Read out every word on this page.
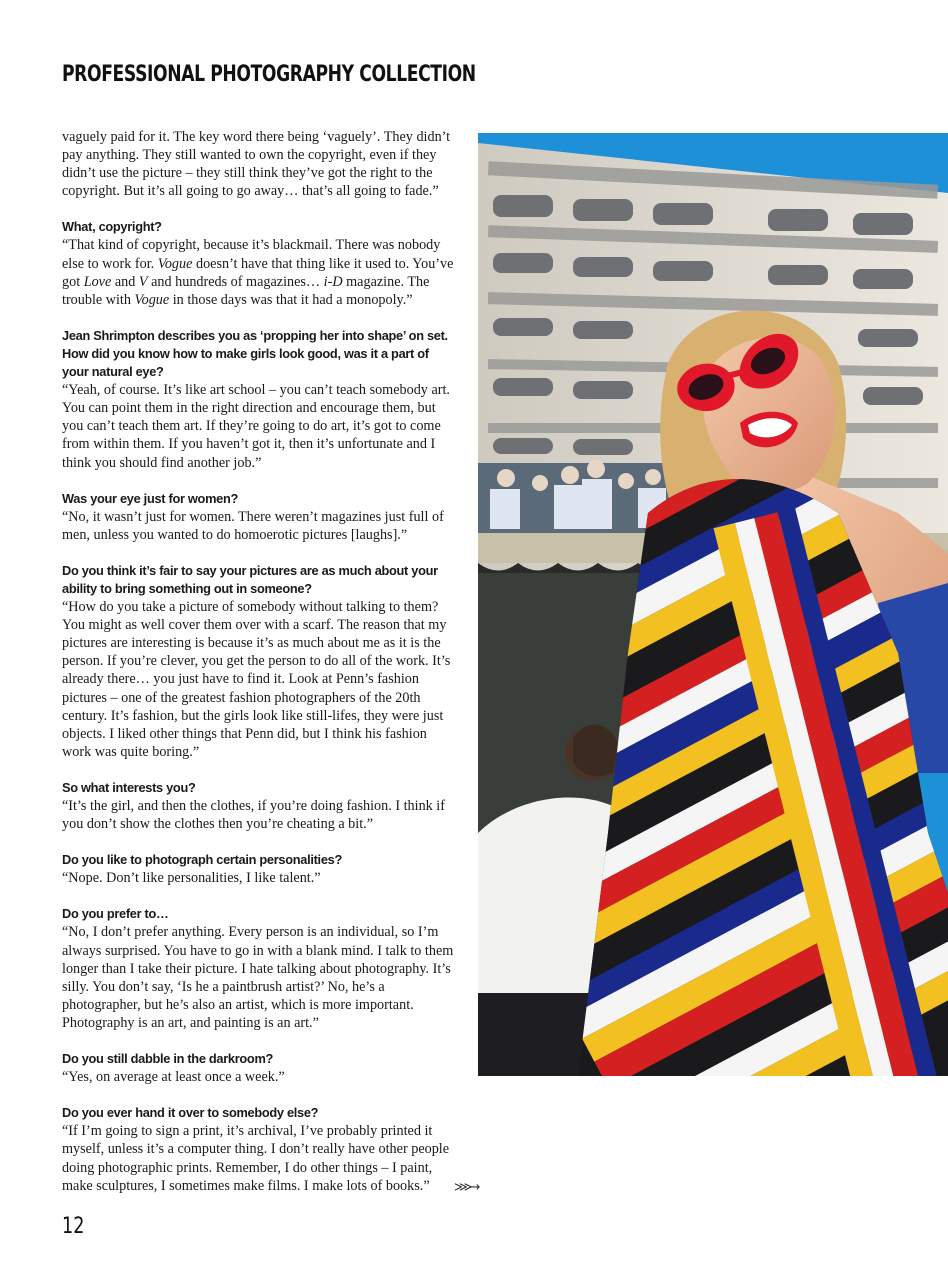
PROFESSIONAL PHOTOGRAPHY COLLECTION

vaguely paid for it. The key word there being ‘vaguely’. They didn’t pay anything. They still wanted to own the copyright, even if they didn’t use the picture – they still think they’ve got the right to the copyright. But it’s all going to go away… that’s all going to fade.”

What, copyright?

“That kind of copyright, because it’s blackmail. There was nobody else to work for. Vogue doesn’t have that thing like it used to. You’ve got Love and V and hundreds of magazines… i-D magazine. The trouble with Vogue in those days was that it had a monopoly.”

Jean Shrimpton describes you as ‘propping her into shape’ on set. How did you know how to make girls look good, was it a part of your natural eye?

“Yeah, of course. It’s like art school – you can’t teach somebody art. You can point them in the right direction and encourage them, but you can’t teach them art. If they’re going to do art, it’s got to come from within them. If you haven’t got it, then it’s unfortunate and I think you should find another job.”

Was your eye just for women?

“No, it wasn’t just for women. There weren’t magazines just full of men, unless you wanted to do homoerotic pictures [laughs].”

Do you think it’s fair to say your pictures are as much about your ability to bring something out in someone?

“How do you take a picture of somebody without talking to them? You might as well cover them over with a scarf. The reason that my pictures are interesting is because it’s as much about me as it is the person. If you’re clever, you get the person to do all of the work. It’s already there… you just have to find it. Look at Penn’s fashion pictures – one of the greatest fashion photographers of the 20th century. It’s fashion, but the girls look like still-lifes, they were just objects. I liked other things that Penn did, but I think his fashion work was quite boring.”

So what interests you?

“It’s the girl, and then the clothes, if you’re doing fashion. I think if you don’t show the clothes then you’re cheating a bit.”

Do you like to photograph certain personalities?

“Nope. Don’t like personalities, I like talent.”

Do you prefer to…

“No, I don’t prefer anything. Every person is an individual, so I’m always surprised. You have to go in with a blank mind. I talk to them longer than I take their picture. I hate talking about photography. It’s silly. You don’t say, ‘Is he a paintbrush artist?’ No, he’s a photographer, but he’s also an artist, which is more important. Photography is an art, and painting is an art.”

Do you still dabble in the darkroom?

“Yes, on average at least once a week.”

Do you ever hand it over to somebody else?

“If I’m going to sign a print, it’s archival, I’ve probably printed it myself, unless it’s a computer thing. I don’t really have other people doing photographic prints. Remember, I do other things – I paint, make sculptures, I sometimes make films. I make lots of books.”	⋙→
12
